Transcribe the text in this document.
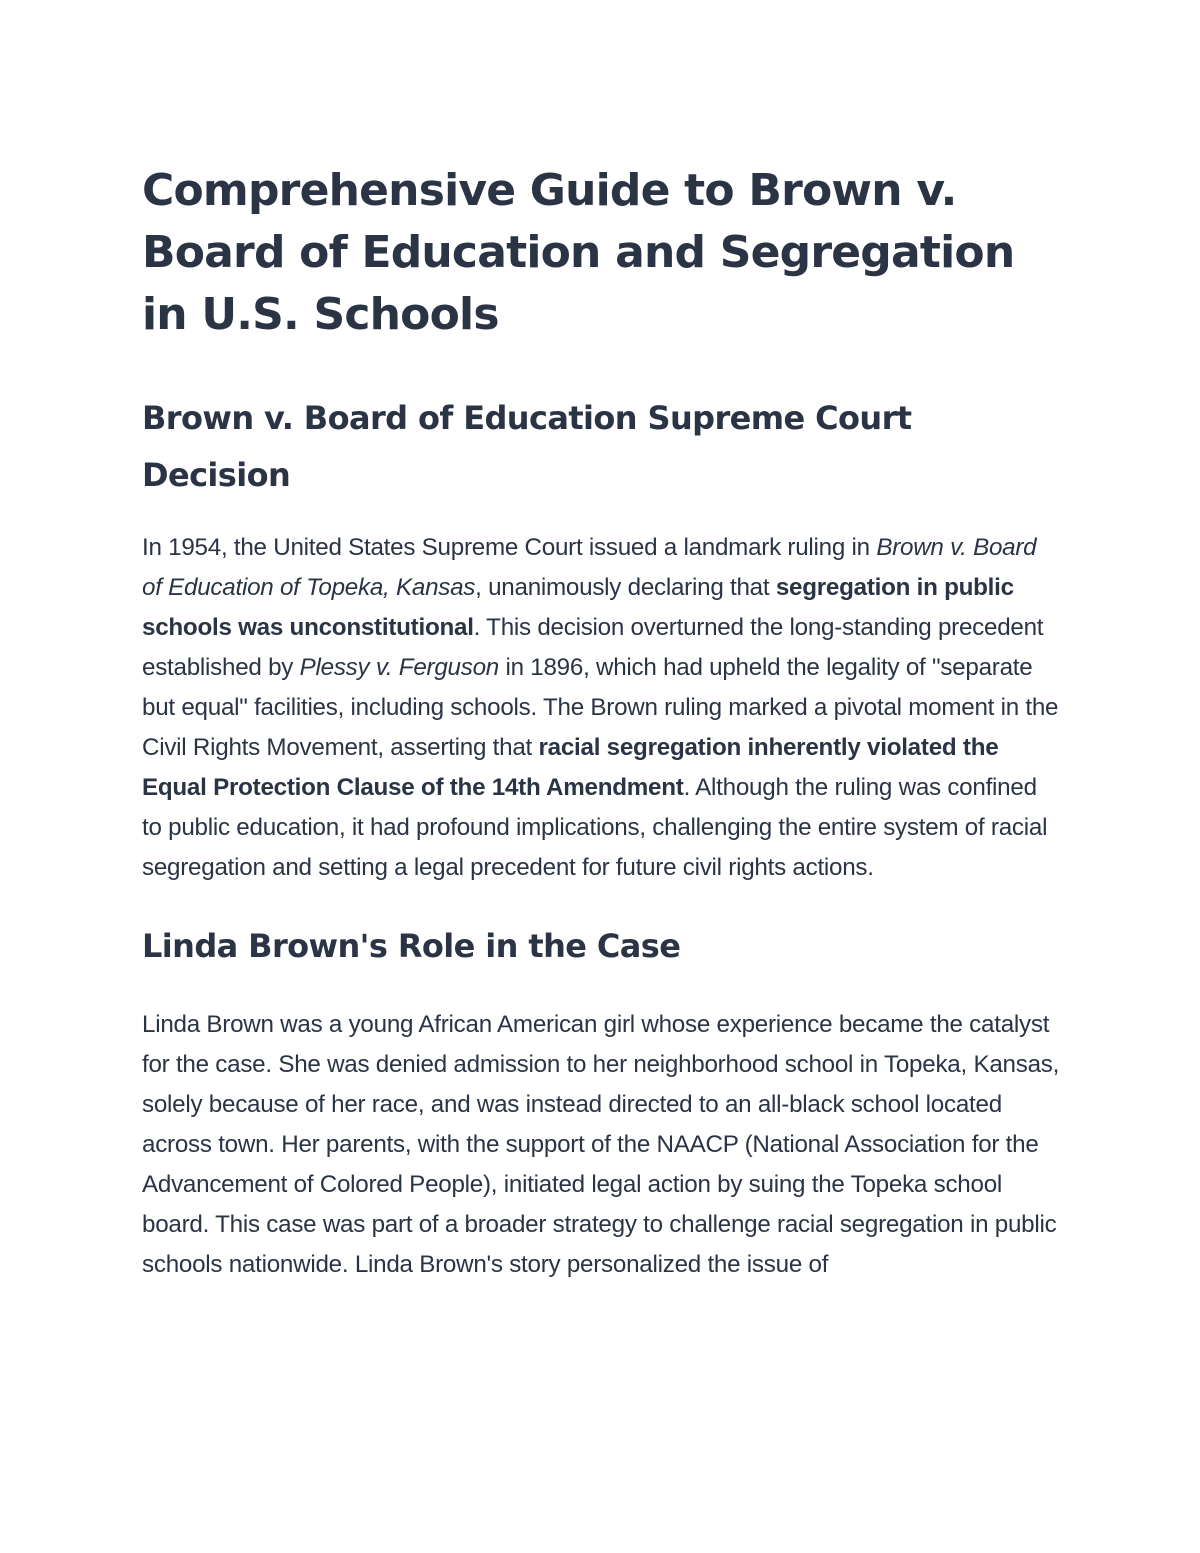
Comprehensive Guide to Brown v. Board of Education and Segregation in U.S. Schools
Brown v. Board of Education Supreme Court Decision

In 1954, the United States Supreme Court issued a landmark ruling in Brown v. Board of Education of Topeka, Kansas, unanimously declaring that segregation in public schools was unconstitutional. This decision overturned the long-standing precedent established by Plessy v. Ferguson in 1896, which had upheld the legality of "separate but equal" facilities, including schools. The Brown ruling marked a pivotal moment in the Civil Rights Movement, asserting that racial segregation inherently violated the Equal Protection Clause of the 14th Amendment. Although the ruling was confined to public education, it had profound implications, challenging the entire system of racial segregation and setting a legal precedent for future civil rights actions.

Linda Brown's Role in the Case

Linda Brown was a young African American girl whose experience became the catalyst for the case. She was denied admission to her neighborhood school in Topeka, Kansas, solely because of her race, and was instead directed to an all-black school located across town. Her parents, with the support of the NAACP (National Association for the Advancement of Colored People), initiated legal action by suing the Topeka school board. This case was part of a broader strategy to challenge racial segregation in public schools nationwide. Linda Brown's story personalized the issue of
